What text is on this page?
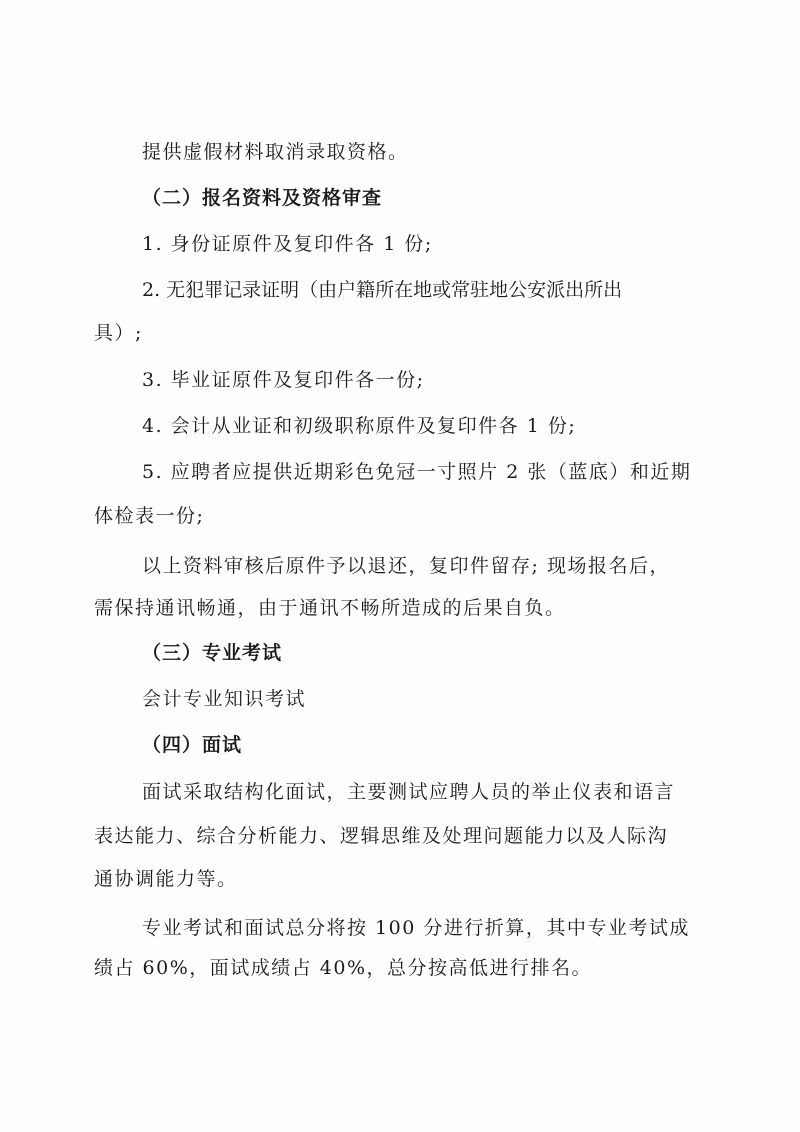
提供虚假材料取消录取资格。
（二）报名资料及资格审查
1. 身份证原件及复印件各 1 份;
2. 无犯罪记录证明（由户籍所在地或常驻地公安派出所出
具）;
3. 毕业证原件及复印件各一份;
4. 会计从业证和初级职称原件及复印件各 1 份;
5. 应聘者应提供近期彩色免冠一寸照片 2 张（蓝底）和近期
体检表一份;
以上资料审核后原件予以退还，复印件留存; 现场报名后，
需保持通讯畅通，由于通讯不畅所造成的后果自负。
（三）专业考试
会计专业知识考试
（四）面试
面试采取结构化面试，主要测试应聘人员的举止仪表和语言
表达能力、综合分析能力、逻辑思维及处理问题能力以及人际沟
通协调能力等。
专业考试和面试总分将按 100 分进行折算，其中专业考试成
绩占 60%，面试成绩占 40%，总分按高低进行排名。
